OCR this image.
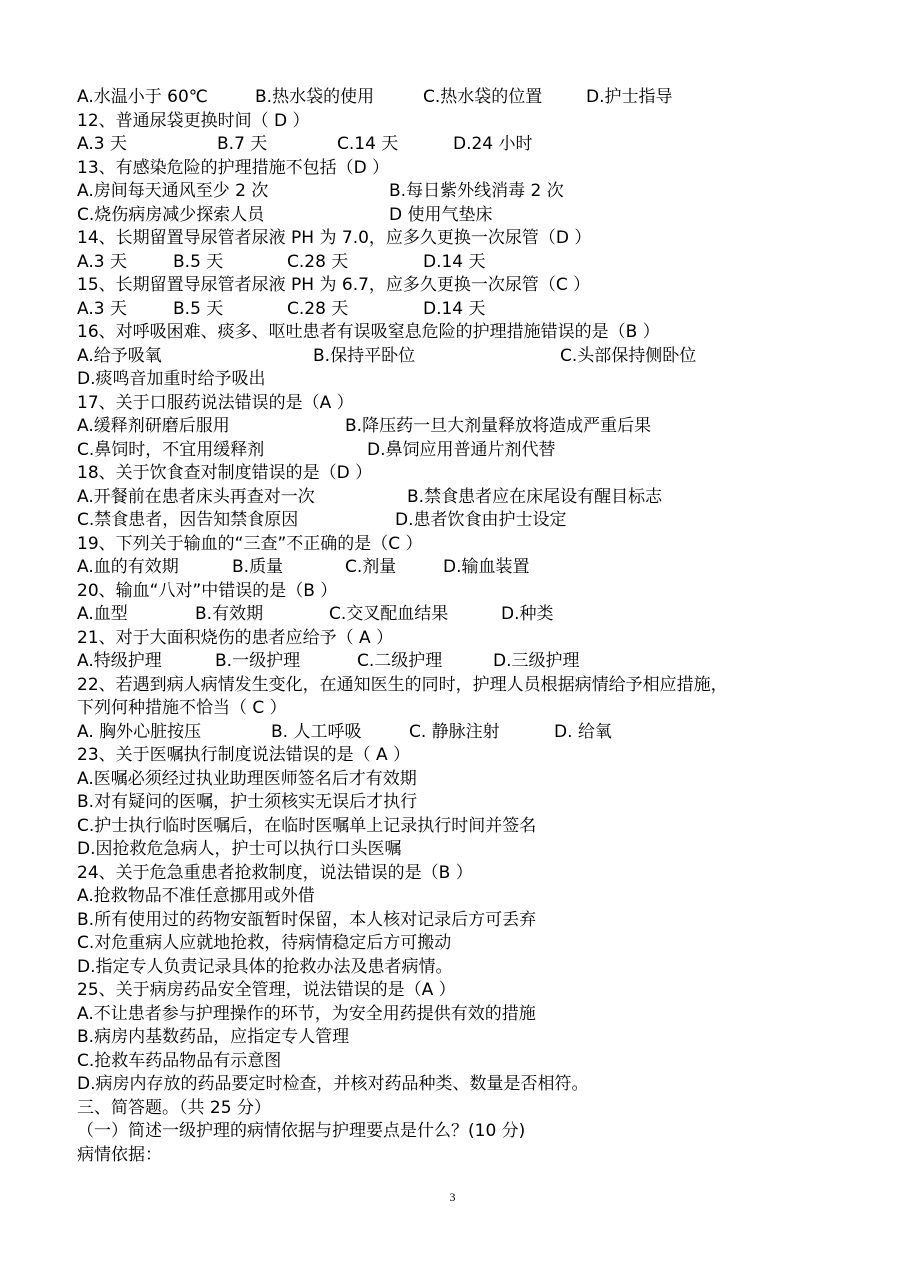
A.水温小于 60℃	B.热水袋的使用	C.热水袋的位置	D.护士指导
12、普通尿袋更换时间（ D ）
A.3 天	B.7 天	C.14 天	D.24 小时
13、有感染危险的护理措施不包括（D ）
A.房间每天通风至少 2 次	B.每日紫外线消毒 2 次
C.烧伤病房减少探索人员	D 使用气垫床
14、长期留置导尿管者尿液 PH 为 7.0，应多久更换一次尿管（D ）
A.3 天	B.5 天	C.28 天	D.14 天
15、长期留置导尿管者尿液 PH 为 6.7，应多久更换一次尿管（C ）
A.3 天	B.5 天	C.28 天	D.14 天
16、对呼吸困难、痰多、呕吐患者有误吸窒息危险的护理措施错误的是（B ）
A.给予吸氧	B.保持平卧位	C.头部保持侧卧位
D.痰鸣音加重时给予吸出
17、关于口服药说法错误的是（A ）
A.缓释剂研磨后服用	B.降压药一旦大剂量释放将造成严重后果
C.鼻饲时，不宜用缓释剂	D.鼻饲应用普通片剂代替
18、关于饮食查对制度错误的是（D ）
A.开餐前在患者床头再查对一次	B.禁食患者应在床尾设有醒目标志
C.禁食患者，因告知禁食原因	D.患者饮食由护士设定
19、下列关于输血的“三查”不正确的是（C ）
A.血的有效期	B.质量	C.剂量	D.输血装置
20、输血“八对”中错误的是（B ）
A.血型	B.有效期	C.交叉配血结果	D.种类
21、对于大面积烧伤的患者应给予（ A ）
A.特级护理	B.一级护理	C.二级护理	D.三级护理
22、若遇到病人病情发生变化，在通知医生的同时，护理人员根据病情给予相应措施，
下列何种措施不恰当（ C ）
A. 胸外心脏按压	B. 人工呼吸	C. 静脉注射	D. 给氧
23、关于医嘱执行制度说法错误的是（ A ）
A.医嘱必须经过执业助理医师签名后才有效期
B.对有疑问的医嘱，护士须核实无误后才执行
C.护士执行临时医嘱后，在临时医嘱单上记录执行时间并签名
D.因抢救危急病人，护士可以执行口头医嘱
24、关于危急重患者抢救制度，说法错误的是（B ）
A.抢救物品不准任意挪用或外借
B.所有使用过的药物安瓿暂时保留，本人核对记录后方可丢弃
C.对危重病人应就地抢救，待病情稳定后方可搬动
D.指定专人负责记录具体的抢救办法及患者病情。
25、关于病房药品安全管理，说法错误的是（A ）
A.不让患者参与护理操作的环节，为安全用药提供有效的措施
B.病房内基数药品，应指定专人管理
C.抢救车药品物品有示意图
D.病房内存放的药品要定时检查，并核对药品种类、数量是否相符。
三、简答题。（共 25 分）
（一）简述一级护理的病情依据与护理要点是什么？(10 分)
病情依据：
3
